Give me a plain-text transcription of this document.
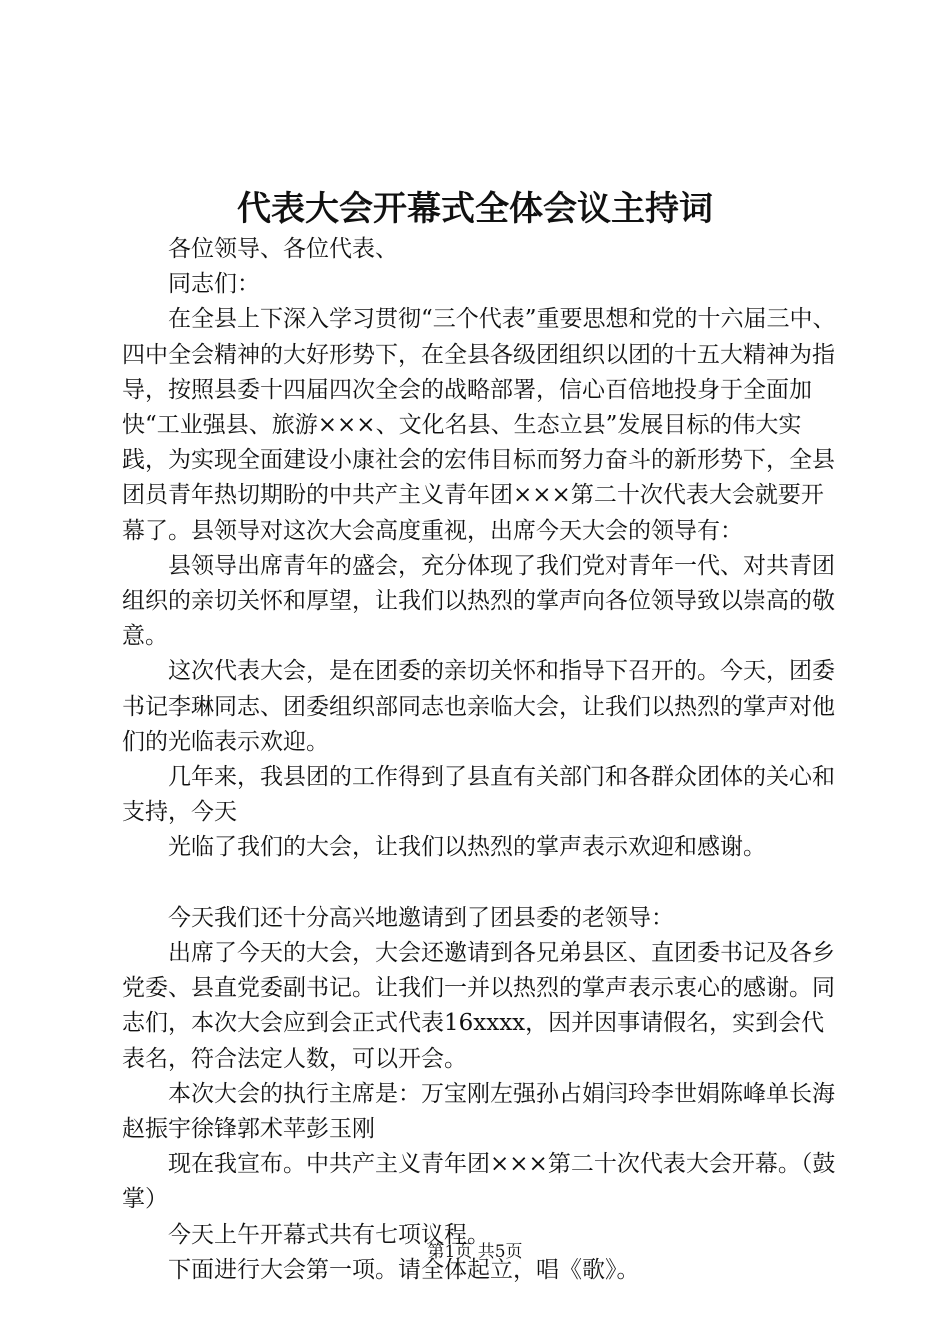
代表大会开幕式全体会议主持词

各位领导、各位代表、

同志们：

在全县上下深入学习贯彻“三个代表”重要思想和党的十六届三中、四中全会精神的大好形势下，在全县各级团组织以团的十五大精神为指导，按照县委十四届四次全会的战略部署，信心百倍地投身于全面加快“工业强县、旅游×××、文化名县、生态立县”发展目标的伟大实践，为实现全面建设小康社会的宏伟目标而努力奋斗的新形势下，全县团员青年热切期盼的中共产主义青年团×××第二十次代表大会就要开幕了。县领导对这次大会高度重视，出席今天大会的领导有：

县领导出席青年的盛会，充分体现了我们党对青年一代、对共青团组织的亲切关怀和厚望，让我们以热烈的掌声向各位领导致以崇高的敬意。

这次代表大会，是在团委的亲切关怀和指导下召开的。今天，团委书记李琳同志、团委组织部同志也亲临大会，让我们以热烈的掌声对他们的光临表示欢迎。

几年来，我县团的工作得到了县直有关部门和各群众团体的关心和支持，今天

光临了我们的大会，让我们以热烈的掌声表示欢迎和感谢。

今天我们还十分高兴地邀请到了团县委的老领导：

出席了今天的大会，大会还邀请到各兄弟县区、直团委书记及各乡党委、县直党委副书记。让我们一并以热烈的掌声表示衷心的感谢。同志们，本次大会应到会正式代表16xxxx，因并因事请假名，实到会代表名，符合法定人数，可以开会。

本次大会的执行主席是：万宝刚左强孙占娟闫玲李世娟陈峰单长海赵振宇徐锋郭术苹彭玉刚

现在我宣布。中共产主义青年团×××第二十次代表大会开幕。（鼓掌）

今天上午开幕式共有七项议程。

下面进行大会第一项。请全体起立，唱《歌》。

第1页 共5页
